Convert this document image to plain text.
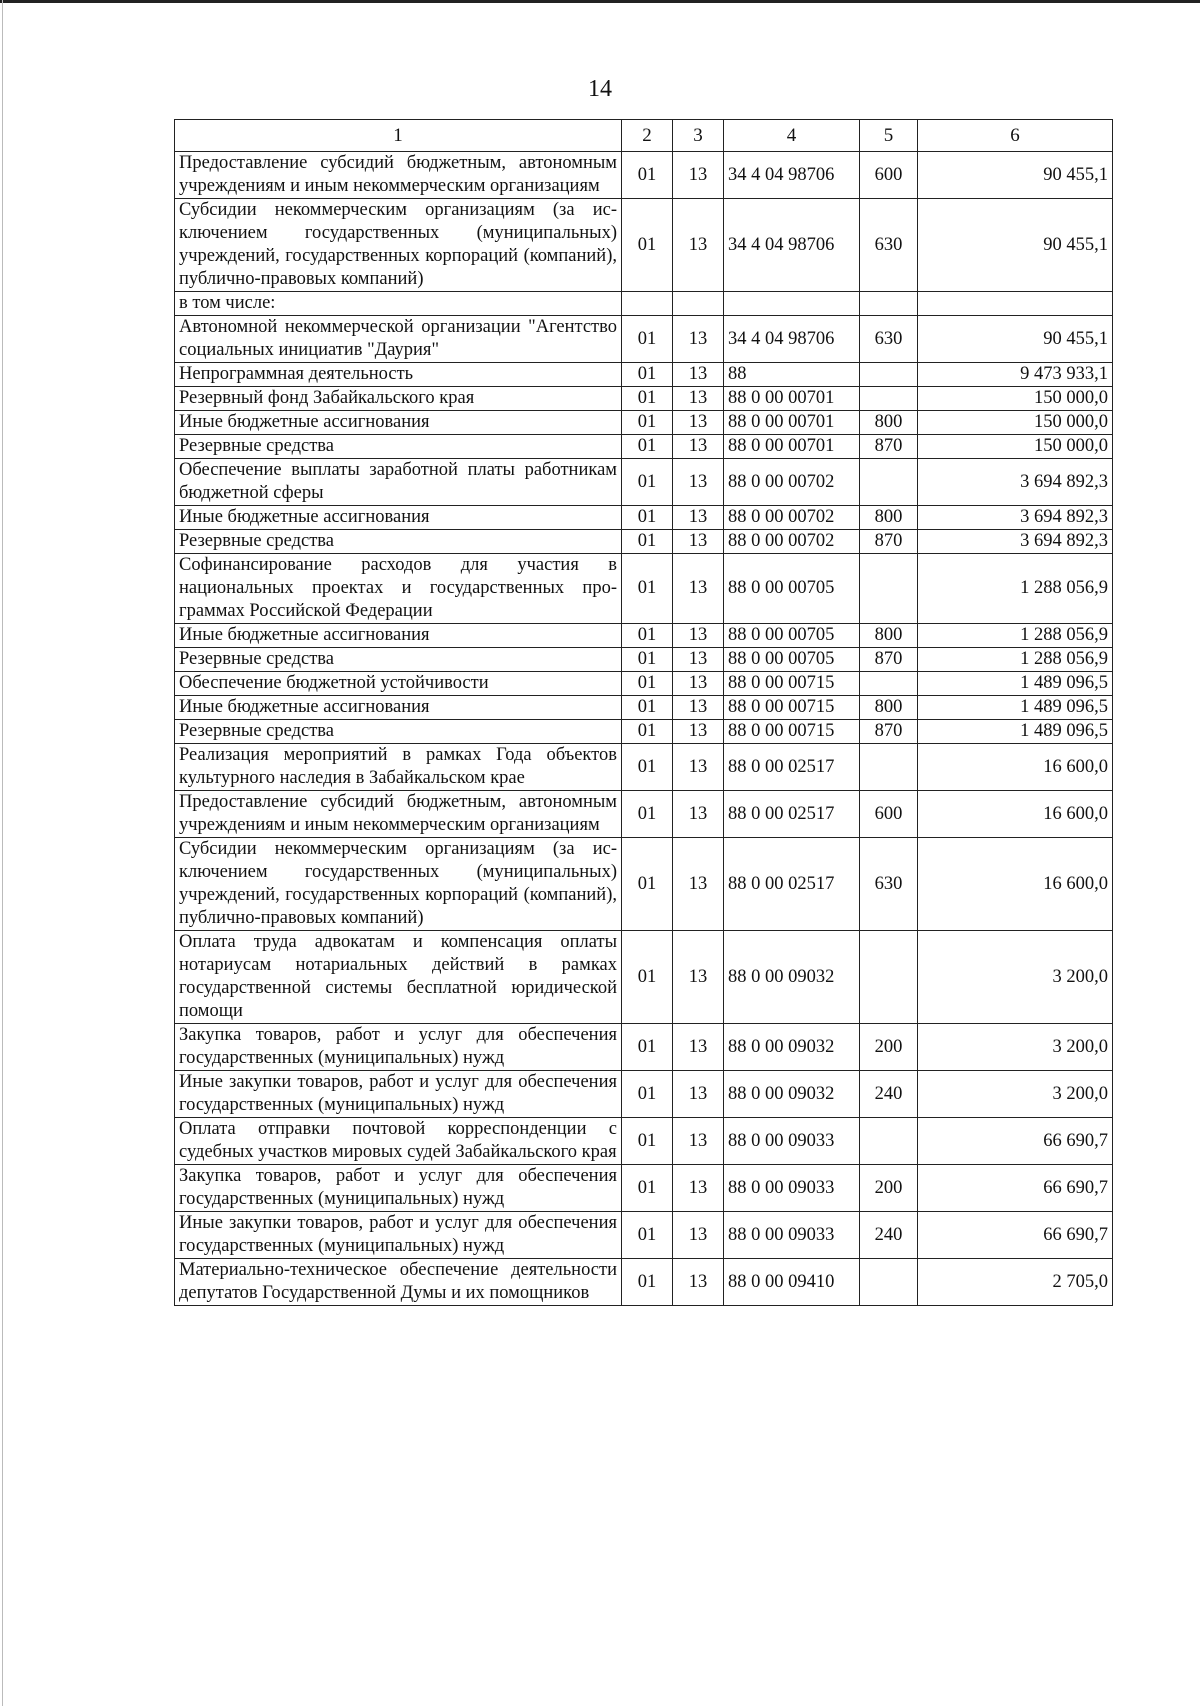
14
1	2	3	4	5	6
Предоставление субсидий бюджетным, автономным учреждениям и иным некоммерческим организациям	01	13	34 4 04 98706	600	90 455,1
Субсидии некоммерческим организациям (за исключением государственных (муниципальных) учреждений, государственных корпораций (компаний), публично-правовых компаний)	01	13	34 4 04 98706	630	90 455,1
в том числе:					
Автономной некоммерческой организации "Агентство социальных инициатив "Даурия"	01	13	34 4 04 98706	630	90 455,1
Непрограммная деятельность	01	13	88		9 473 933,1
Резервный фонд Забайкальского края	01	13	88 0 00 00701		150 000,0
Иные бюджетные ассигнования	01	13	88 0 00 00701	800	150 000,0
Резервные средства	01	13	88 0 00 00701	870	150 000,0
Обеспечение выплаты заработной платы работникам бюджетной сферы	01	13	88 0 00 00702		3 694 892,3
Иные бюджетные ассигнования	01	13	88 0 00 00702	800	3 694 892,3
Резервные средства	01	13	88 0 00 00702	870	3 694 892,3
Софинансирование расходов для участия в национальных проектах и государственных программах Российской Федерации	01	13	88 0 00 00705		1 288 056,9
Иные бюджетные ассигнования	01	13	88 0 00 00705	800	1 288 056,9
Резервные средства	01	13	88 0 00 00705	870	1 288 056,9
Обеспечение бюджетной устойчивости	01	13	88 0 00 00715		1 489 096,5
Иные бюджетные ассигнования	01	13	88 0 00 00715	800	1 489 096,5
Резервные средства	01	13	88 0 00 00715	870	1 489 096,5
Реализация мероприятий в рамках Года объектов культурного наследия в Забайкальском крае	01	13	88 0 00 02517		16 600,0
Предоставление субсидий бюджетным, автономным учреждениям и иным некоммерческим организациям	01	13	88 0 00 02517	600	16 600,0
Субсидии некоммерческим организациям (за исключением государственных (муниципальных) учреждений, государственных корпораций (компаний), публично-правовых компаний)	01	13	88 0 00 02517	630	16 600,0
Оплата труда адвокатам и компенсация оплаты нотариусам нотариальных действий в рамках государственной системы бесплатной юридической помощи	01	13	88 0 00 09032		3 200,0
Закупка товаров, работ и услуг для обеспечения государственных (муниципальных) нужд	01	13	88 0 00 09032	200	3 200,0
Иные закупки товаров, работ и услуг для обеспечения государственных (муниципальных) нужд	01	13	88 0 00 09032	240	3 200,0
Оплата отправки почтовой корреспонденции с судебных участков мировых судей Забайкальского края	01	13	88 0 00 09033		66 690,7
Закупка товаров, работ и услуг для обеспечения государственных (муниципальных) нужд	01	13	88 0 00 09033	200	66 690,7
Иные закупки товаров, работ и услуг для обеспечения государственных (муниципальных) нужд	01	13	88 0 00 09033	240	66 690,7
Материально-техническое обеспечение деятельности депутатов Государственной Думы и их помощников	01	13	88 0 00 09410		2 705,0
